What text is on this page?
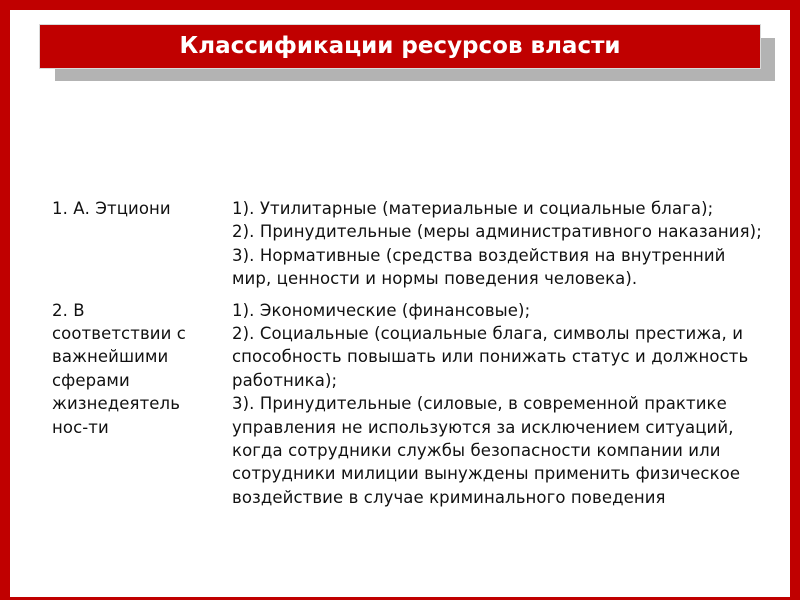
Классификации ресурсов власти
1. А. Этциони	1). Утилитарные (материальные и социальные блага);
2). Принудительные (меры административного наказания);
3). Нормативные (средства воздействия на внутренний мир, ценности и нормы поведения человека).
2. В
соответствии с
важнейшими
сферами
жизнедеятель
нос-ти
1). Экономические (финансовые);
2). Социальные (социальные блага, символы престижа, и способность повышать или понижать статус и должность работника);
3). Принудительные (силовые, в современной практике управления не используются за исключением ситуаций, когда сотрудники службы безопасности компании или сотрудники милиции вынуждены применить физическое воздействие в случае криминального поведения
